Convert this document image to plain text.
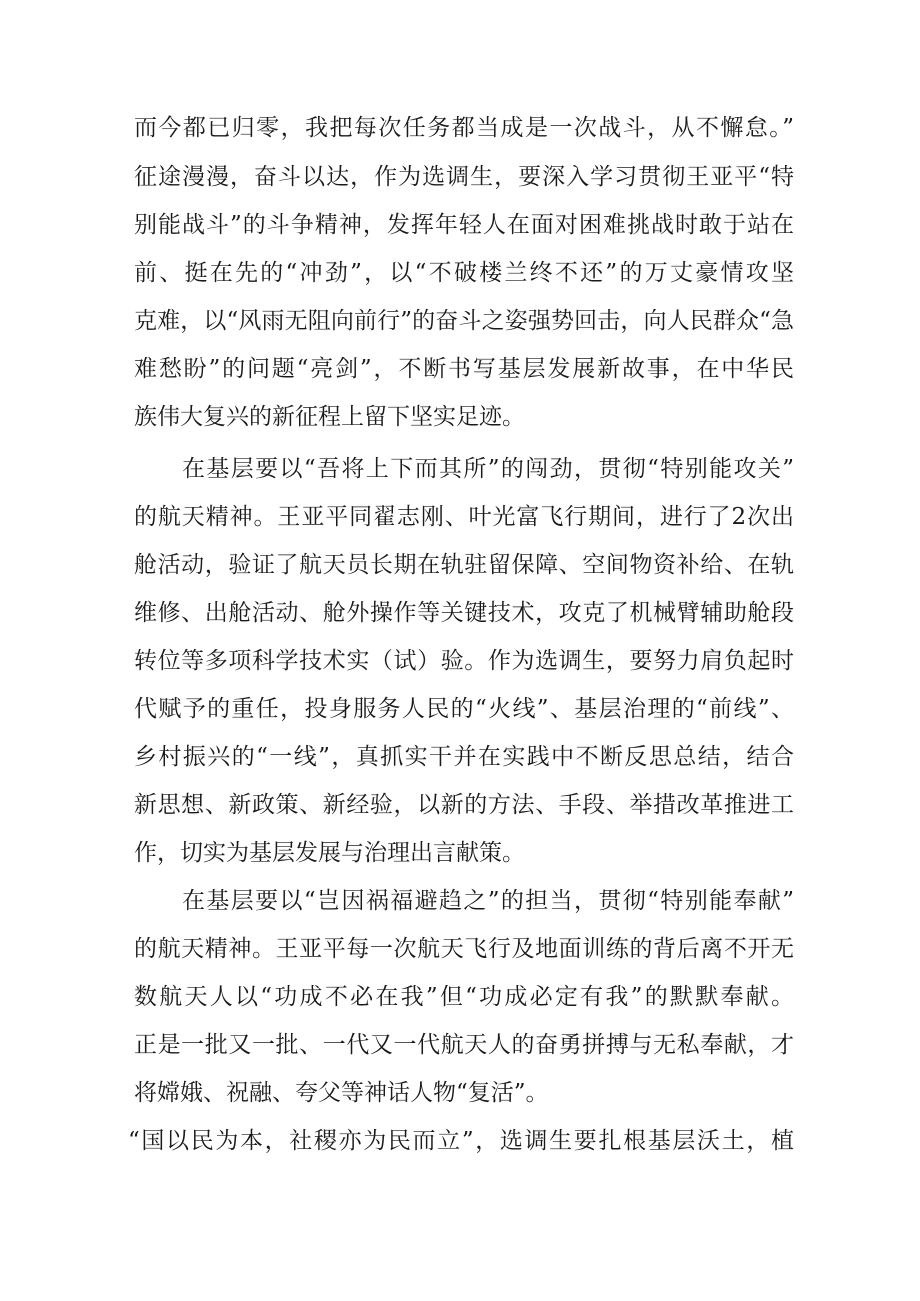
而今都已归零，我把每次任务都当成是一次战斗，从不懈怠。”
征途漫漫，奋斗以达，作为选调生，要深入学习贯彻王亚平“特
别能战斗”的斗争精神，发挥年轻人在面对困难挑战时敢于站在
前、挺在先的“冲劲”，以“不破楼兰终不还”的万丈豪情攻坚
克难，以“风雨无阻向前行”的奋斗之姿强势回击，向人民群众“急
难愁盼”的问题“亮剑”，不断书写基层发展新故事，在中华民
族伟大复兴的新征程上留下坚实足迹。
在基层要以“吾将上下而其所”的闯劲，贯彻“特别能攻关”
的航天精神。王亚平同翟志刚、叶光富飞行期间，进行了2次出
舱活动，验证了航天员长期在轨驻留保障、空间物资补给、在轨
维修、出舱活动、舱外操作等关键技术，攻克了机械臂辅助舱段
转位等多项科学技术实（试）验。作为选调生，要努力肩负起时
代赋予的重任，投身服务人民的“火线”、基层治理的“前线”、
乡村振兴的“一线”，真抓实干并在实践中不断反思总结，结合
新思想、新政策、新经验，以新的方法、手段、举措改革推进工
作，切实为基层发展与治理出言献策。
在基层要以“岂因祸福避趋之”的担当，贯彻“特别能奉献”
的航天精神。王亚平每一次航天飞行及地面训练的背后离不开无
数航天人以“功成不必在我”但“功成必定有我”的默默奉献。
正是一批又一批、一代又一代航天人的奋勇拼搏与无私奉献，才
将嫦娥、祝融、夸父等神话人物“复活”。
“国以民为本，社稷亦为民而立”，选调生要扎根基层沃土，植
